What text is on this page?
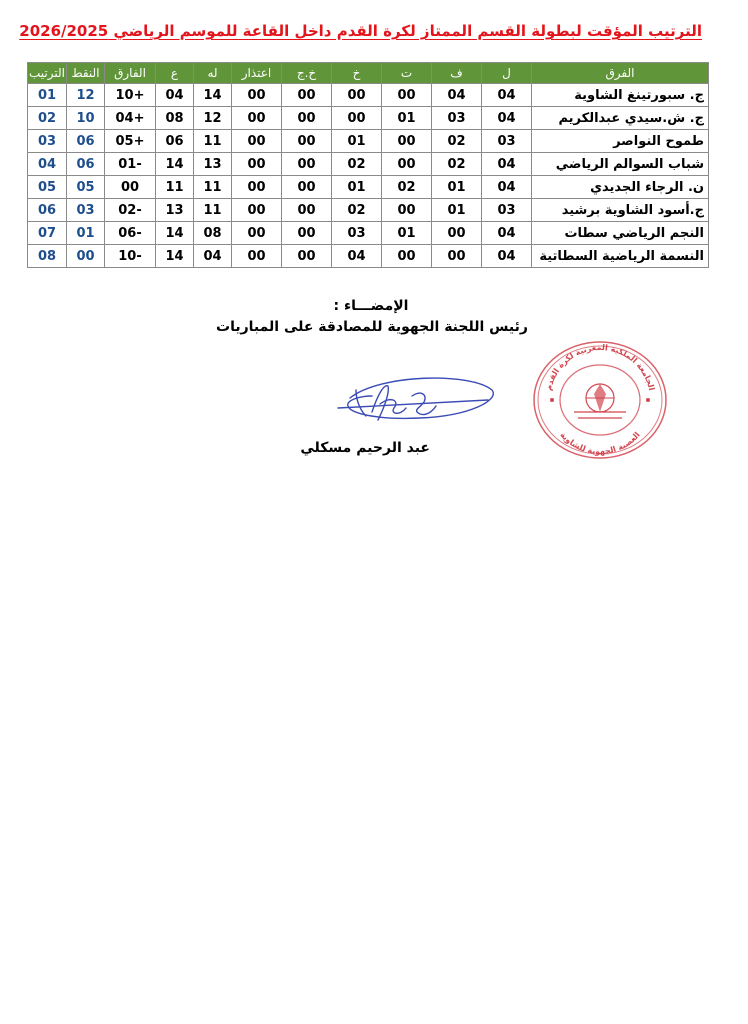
الترتيب المؤقت لبطولة القسم الممتاز لكرة القدم داخل القاعة للموسم الرياضي 2026/2025
الفرق	ل	ف	ت	خ	خ.ج	اعتذار	له	ع	الفارق	النقط	الترتيب
ج. سبورتينغ الشاوية	04	04	00	00	00	00	14	04	+10	12	01
ج. ش.سيدي عبدالكريم	04	03	01	00	00	00	12	08	+04	10	02
طموح النواصر	03	02	00	01	00	00	11	06	+05	06	03
شباب السوالم الرياضي	04	02	00	02	00	00	13	14	-01	06	04
ن. الرجاء الجديدي	04	01	02	01	00	00	11	11	00	05	05
ج.أسود الشاوية برشيد	03	01	00	02	00	00	11	13	-02	03	06
النجم الرياضي سطات	04	00	01	03	00	00	08	14	-06	01	07
النسمة الرياضية السطاتية	04	00	00	04	00	00	04	14	-10	00	08
الإمضـــاء :
رئيس اللجنة الجهوية للمصادقة على المباريات
عبد الرحيم مسكلي
الجامعة الملكية المغربية لكرة القدم
العصبة الجهوية للشاوية
